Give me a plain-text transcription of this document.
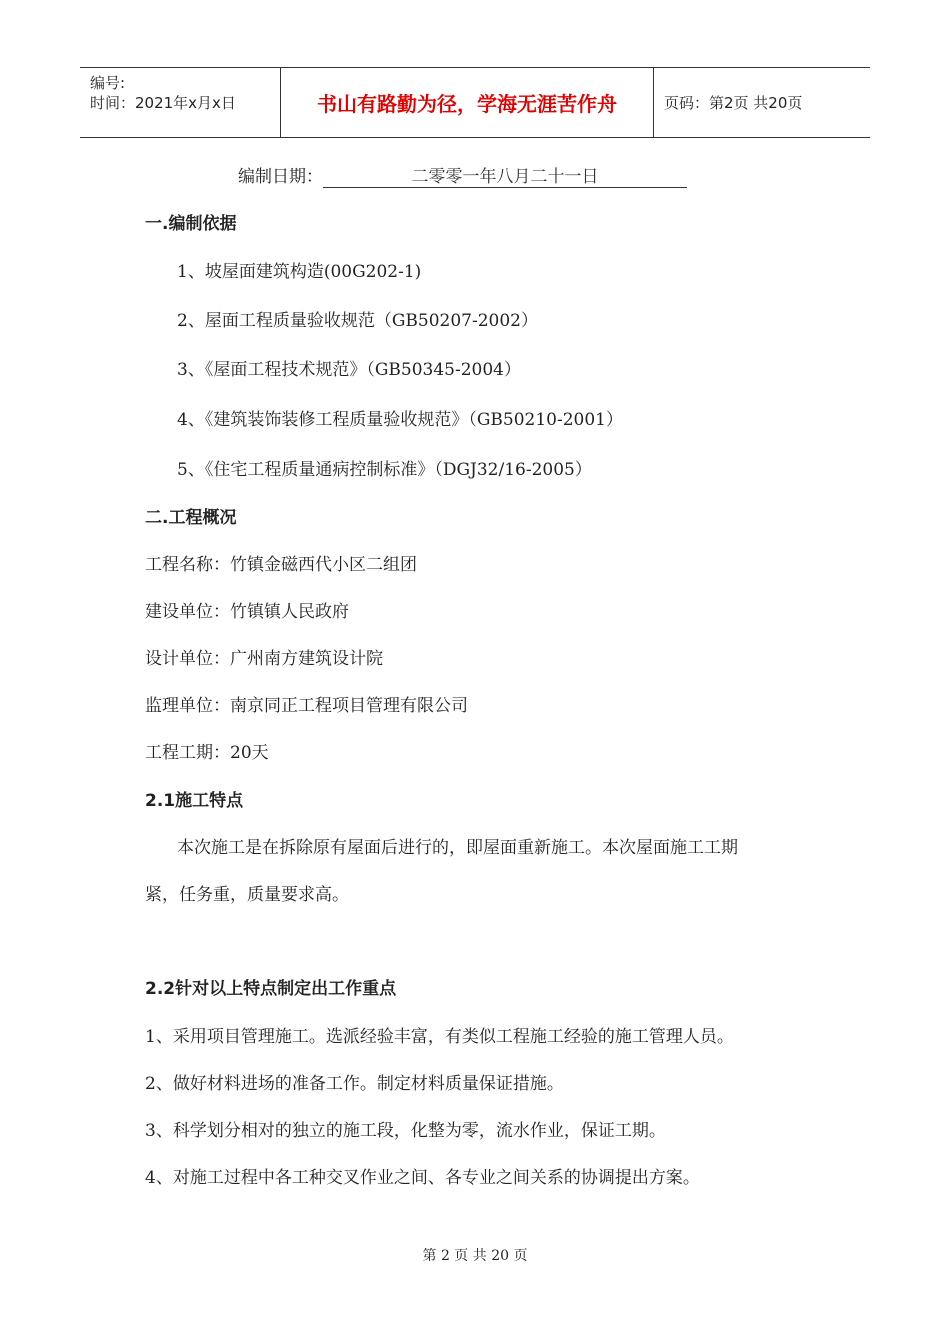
编号:
时间：2021年x月x日	书山有路勤为径，学海无涯苦作舟	页码：第2页 共20页
编制日期：	二零零一年八月二十一日
一.编制依据
1、坡屋面建筑构造(00G202-1)
2、屋面工程质量验收规范（GB50207-2002）
3、《屋面工程技术规范》（GB50345-2004）
4、《建筑装饰装修工程质量验收规范》（GB50210-2001）
5、《住宅工程质量通病控制标准》（DGJ32/16-2005）
二.工程概况
工程名称：竹镇金磁西代小区二组团
建设单位：竹镇镇人民政府
设计单位：广州南方建筑设计院
监理单位：南京同正工程项目管理有限公司
工程工期：20天
2.1施工特点
本次施工是在拆除原有屋面后进行的，即屋面重新施工。本次屋面施工工期
紧，任务重，质量要求高。
2.2针对以上特点制定出工作重点
1、采用项目管理施工。选派经验丰富，有类似工程施工经验的施工管理人员。
2、做好材料进场的准备工作。制定材料质量保证措施。
3、科学划分相对的独立的施工段，化整为零，流水作业，保证工期。
4、对施工过程中各工种交叉作业之间、各专业之间关系的协调提出方案。
第 2 页 共 20 页
